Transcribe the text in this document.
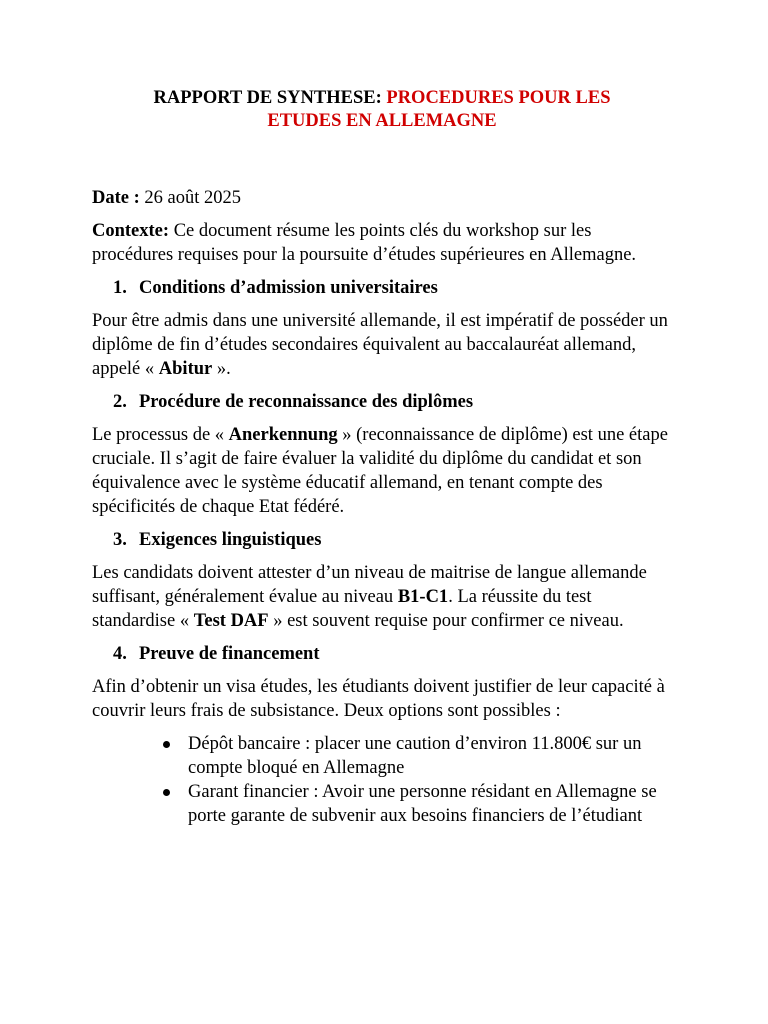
RAPPORT DE SYNTHESE: PROCEDURES POUR LES
ETUDES EN ALLEMAGNE

Date : 26 août 2025

Contexte: Ce document résume les points clés du workshop sur les procédures requises pour la poursuite d’études supérieures en Allemagne.

1. Conditions d’admission universitaires

Pour être admis dans une université allemande, il est impératif de posséder un diplôme de fin d’études secondaires équivalent au baccalauréat allemand, appelé « Abitur ».

2. Procédure de reconnaissance des diplômes

Le processus de « Anerkennung » (reconnaissance de diplôme) est une étape cruciale. Il s’agit de faire évaluer la validité du diplôme du candidat et son équivalence avec le système éducatif allemand, en tenant compte des spécificités de chaque Etat fédéré.

3. Exigences linguistiques

Les candidats doivent attester d’un niveau de maitrise de langue allemande suffisant, généralement évalue au niveau B1-C1. La réussite du test standardise « Test DAF » est souvent requise pour confirmer ce niveau.

4. Preuve de financement

Afin d’obtenir un visa études, les étudiants doivent justifier de leur capacité à couvrir leurs frais de subsistance. Deux options sont possibles :

Dépôt bancaire : placer une caution d’environ 11.800€ sur un compte bloqué en Allemagne
Garant financier : Avoir une personne résidant en Allemagne se porte garante de subvenir aux besoins financiers de l’étudiant
